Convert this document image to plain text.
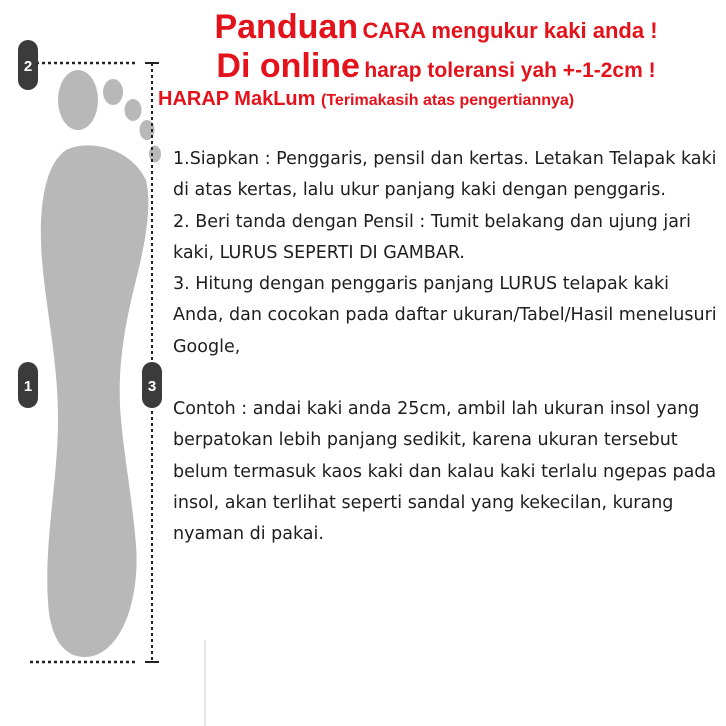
2
1	3
Panduan CARA mengukur kaki anda !
Di online harap toleransi yah +-1-2cm !
HARAP MakLum (Terimakasih atas pengertiannya)

1.Siapkan : Penggaris, pensil dan kertas. Letakan Telapak kaki di atas kertas, lalu ukur panjang kaki dengan penggaris.

2. Beri tanda dengan Pensil : Tumit belakang dan ujung jari kaki, LURUS SEPERTI DI GAMBAR.

3. Hitung dengan penggaris panjang LURUS telapak kaki Anda, dan cocokan pada daftar ukuran/Tabel/Hasil menelusuri Google,

Contoh : andai kaki anda 25cm, ambil lah ukuran insol yang berpatokan lebih panjang sedikit, karena ukuran tersebut belum termasuk kaos kaki dan kalau kaki terlalu ngepas pada insol, akan terlihat seperti sandal yang kekecilan, kurang nyaman di pakai.
